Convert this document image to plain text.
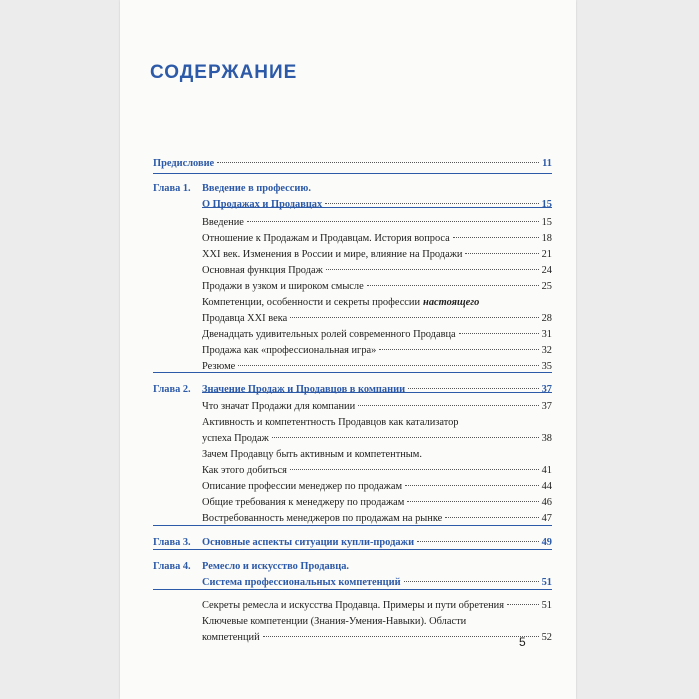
СОДЕРЖАНИЕ
Предисловие	11
Глава 1. Введение в профессию.
О Продажах и Продавцах	15
Введение	15
Отношение к Продажам и Продавцам. История вопроса	18
XXI век. Изменения в России и мире, влияние на Продажи	21
Основная функция Продаж	24
Продажи в узком и широком смысле	25
Компетенции, особенности и секреты профессии настоящего
Продавца XXI века	28
Двенадцать удивительных ролей современного Продавца	31
Продажа как «профессиональная игра»	32
Резюме	35
Глава 2. Значение Продаж и Продавцов в компании	37
Что значат Продажи для компании	37
Активность и компетентность Продавцов как катализатор
успеха Продаж	38
Зачем Продавцу быть активным и компетентным.
Как этого добиться	41
Описание профессии менеджер по продажам	44
Общие требования к менеджеру по продажам	46
Востребованность менеджеров по продажам на рынке	47
Глава 3. Основные аспекты ситуации купли-продажи	49
Глава 4. Ремесло и искусство Продавца.
Система профессиональных компетенций	51
Секреты ремесла и искусства Продавца. Примеры и пути обретения	51
Ключевые компетенции (Знания-Умения-Навыки). Области
компетенций	52
5
